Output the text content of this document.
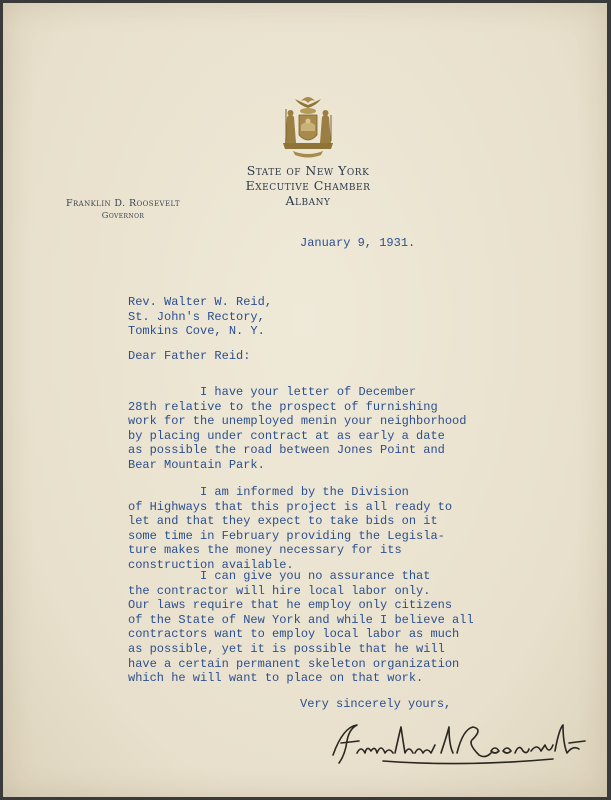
State of New York
Executive Chamber
Albany
Franklin D. Roosevelt
Governor
January 9, 1931.
Rev. Walter W. Reid,
St. John's Rectory,
Tomkins Cove, N. Y.
Dear Father Reid:
I have your letter of December
28th relative to the prospect of furnishing
work for the unemployed menin your neighborhood
by placing under contract at as early a date
as possible the road between Jones Point and
Bear Mountain Park.
I am informed by the Division
of Highways that this project is all ready to
let and that they expect to take bids on it
some time in February providing the Legisla-
ture makes the money necessary for its
construction available.
I can give you no assurance that
the contractor will hire local labor only.
Our laws require that he employ only citizens
of the State of New York and while I believe all
contractors want to employ local labor as much
as possible, yet it is possible that he will
have a certain permanent skeleton organization
which he will want to place on that work.
Very sincerely yours,
